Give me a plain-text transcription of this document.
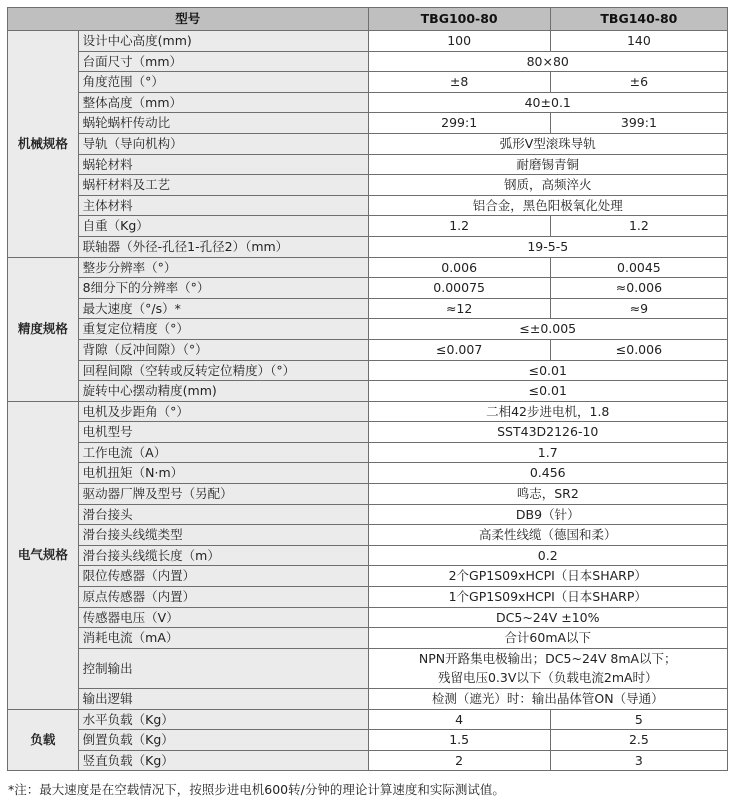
型号		TBG100-80	TBG140-80
机械规格	设计中心高度(mm)	100	140
	台面尺寸（mm）	80×80	
	角度范围（°）	±8	±6
	整体高度（mm）	40±0.1	
	蜗轮蜗杆传动比	299:1	399:1
	导轨（导向机构）	弧形V型滚珠导轨	
	蜗轮材料	耐磨锡青铜	
	蜗杆材料及工艺	钢质，高频淬火	
	主体材料	铝合金，黑色阳极氧化处理	
	自重（Kg）	1.2	1.2
	联轴器（外径-孔径1-孔径2）（mm）	19-5-5	
精度规格	整步分辨率（°）	0.006	0.0045
	8细分下的分辨率（°）	0.00075	≈0.006
	最大速度（°/s）*	≈12	≈9
	重复定位精度（°）	≤±0.005	
	背隙（反冲间隙）（°）	≤0.007	≤0.006
	回程间隙（空转或反转定位精度）（°）	≤0.01	
	旋转中心摆动精度(mm)	≤0.01	
电气规格	电机及步距角（°）	二相42步进电机，1.8	
	电机型号	SST43D2126-10	
	工作电流（A）	1.7	
	电机扭矩（N·m）	0.456	
	驱动器厂牌及型号（另配）	鸣志，SR2	
	滑台接头	DB9（针）	
	滑台接头线缆类型	高柔性线缆（德国和柔）	
	滑台接头线缆长度（m）	0.2	
	限位传感器（内置）	2个GP1S09xHCPI（日本SHARP）	
	原点传感器（内置）	1个GP1S09xHCPI（日本SHARP）	
	传感器电压（V）	DC5~24V ±10%	
	消耗电流（mA）	合计60mA以下	
	控制输出	NPN开路集电极输出；DC5~24V 8mA以下；
残留电压0.3V以下（负载电流2mA时）	

	输出逻辑	检测（遮光）时：输出晶体管ON（导通）	
负载	水平负载（Kg）	4	5
	倒置负载（Kg）	1.5	2.5
	竖直负载（Kg）	2	3
*注：最大速度是在空载情况下，按照步进电机600转/分钟的理论计算速度和实际测试值。
